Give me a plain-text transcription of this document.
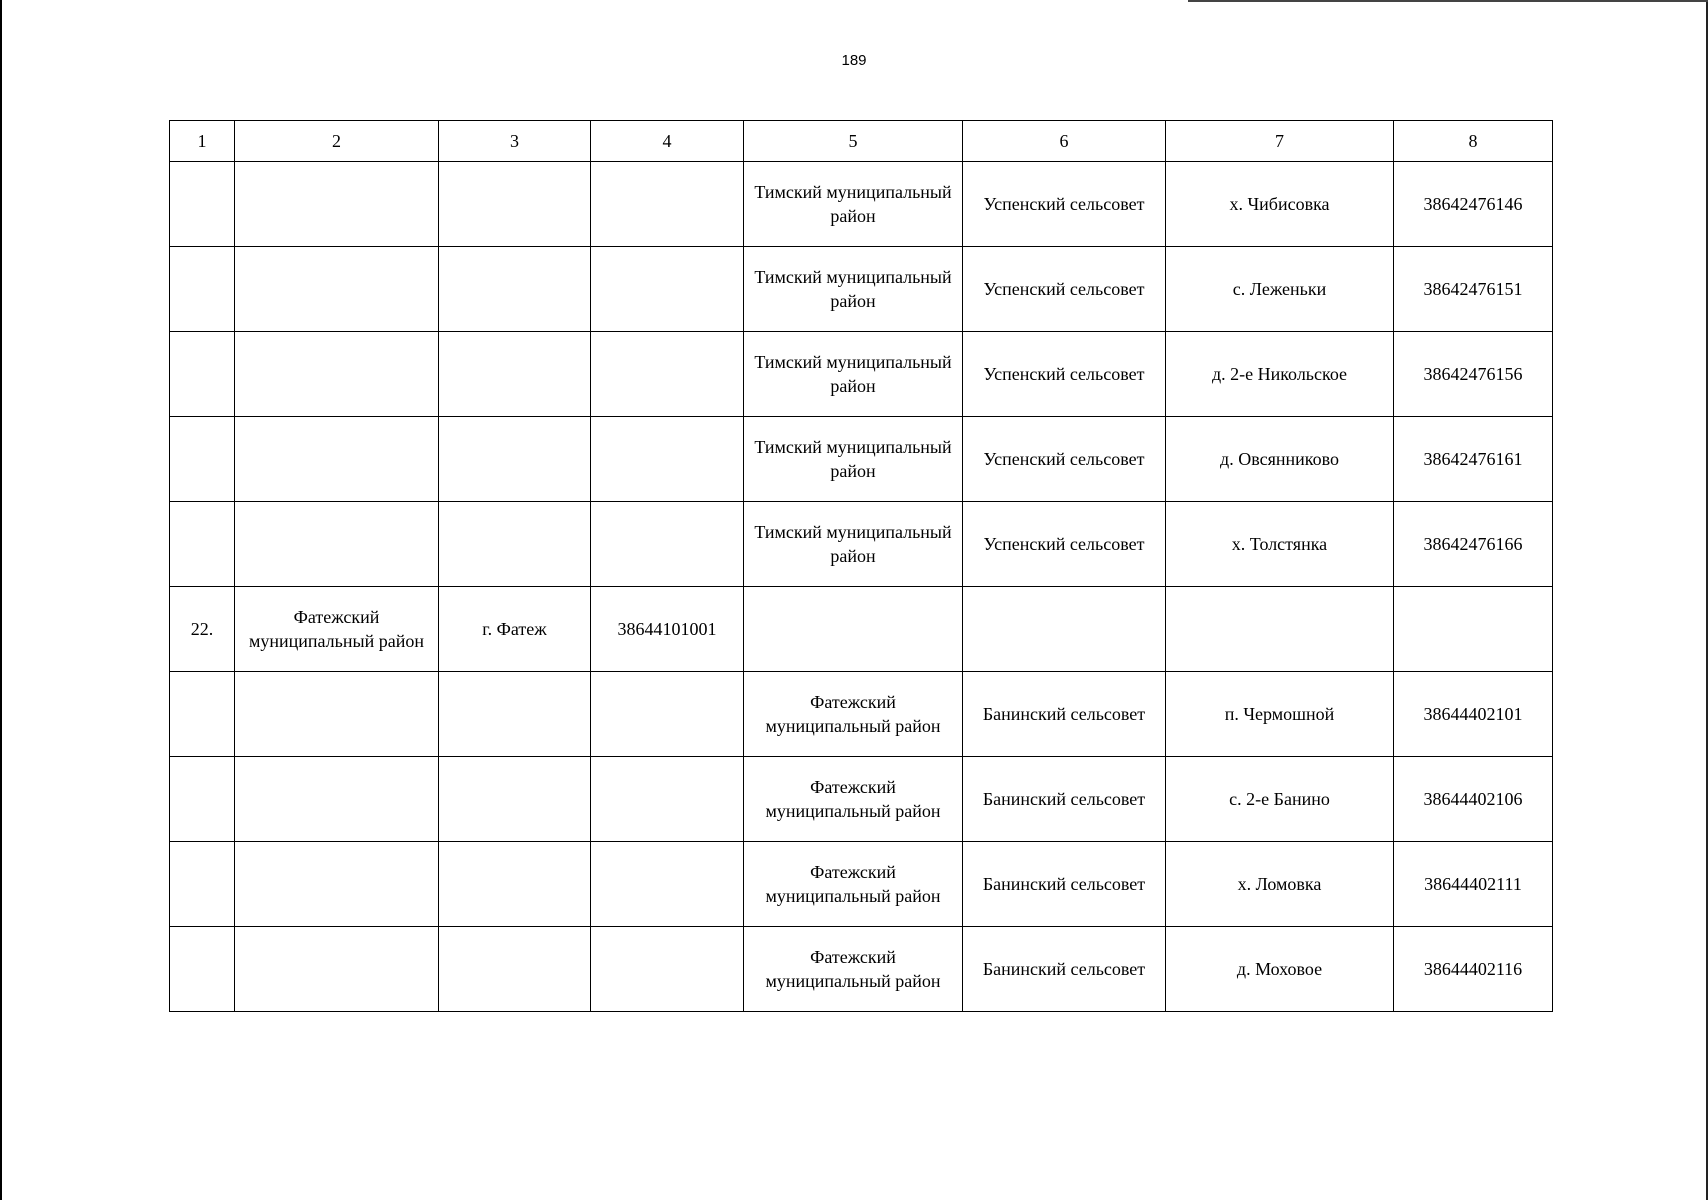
189
1	2	3	4	5	6	7	8
				Тимский муниципальный район	Успенский сельсовет	х. Чибисовка	38642476146
				Тимский муниципальный район	Успенский сельсовет	с. Леженьки	38642476151
				Тимский муниципальный район	Успенский сельсовет	д. 2-е Никольское	38642476156
				Тимский муниципальный район	Успенский сельсовет	д. Овсянниково	38642476161
				Тимский муниципальный район	Успенский сельсовет	х. Толстянка	38642476166
22.	Фатежский муниципальный район	г. Фатеж	38644101001				
				Фатежский муниципальный район	Банинский сельсовет	п. Чермошной	38644402101
				Фатежский муниципальный район	Банинский сельсовет	с. 2-е Банино	38644402106
				Фатежский муниципальный район	Банинский сельсовет	х. Ломовка	38644402111
				Фатежский муниципальный район	Банинский сельсовет	д. Моховое	38644402116
